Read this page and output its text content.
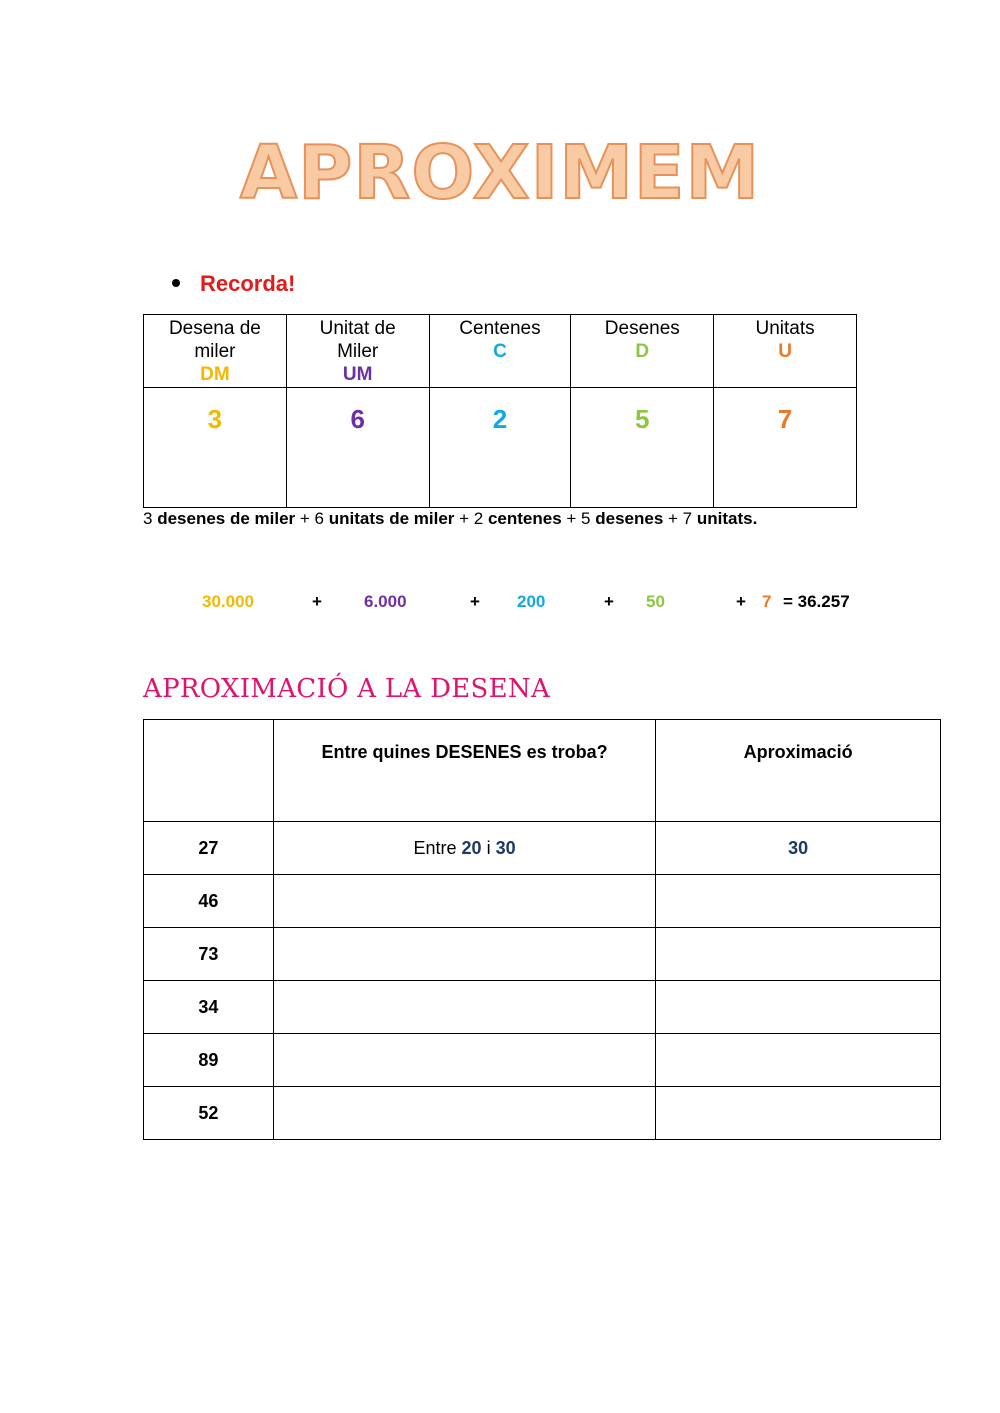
APROXIMEM
Recorda!
Desena de
miler
DM	Unitat de
Miler
UM	Centenes
C	Desenes
D	Unitats
U

3	6	2	5	7
3 desenes de miler + 6 unitats de miler + 2 centenes + 5 desenes + 7 unitats.
30.000	+ 6.000	+ 200	+ 50	+ 7 = 36.257
APROXIMACIÓ A LA DESENA
	Entre quines DESENES es troba?	Aproximació
27	Entre 20 i 30	30
46		
73		
34		
89		
52		
